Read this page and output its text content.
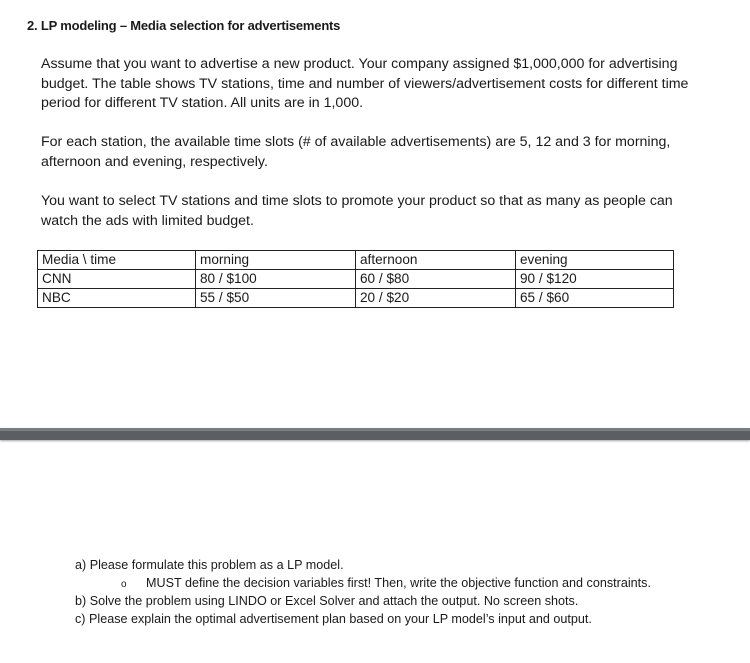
2. LP modeling – Media selection for advertisements
Assume that you want to advertise a new product. Your company assigned $1,000,000 for advertising budget. The table shows TV stations, time and number of viewers/advertisement costs for different time period for different TV station. All units are in 1,000.
For each station, the available time slots (# of available advertisements) are 5, 12 and 3 for morning, afternoon and evening, respectively.
You want to select TV stations and time slots to promote your product so that as many as people can watch the ads with limited budget.
Media \ time	morning	afternoon	evening
CNN	80 / $100	60 / $80	90 / $120
NBC	55 / $50	20 / $20	65 / $60
a) Please formulate this problem as a LP model.
o MUST define the decision variables first! Then, write the objective function and constraints.
b) Solve the problem using LINDO or Excel Solver and attach the output. No screen shots.
c) Please explain the optimal advertisement plan based on your LP model’s input and output.
